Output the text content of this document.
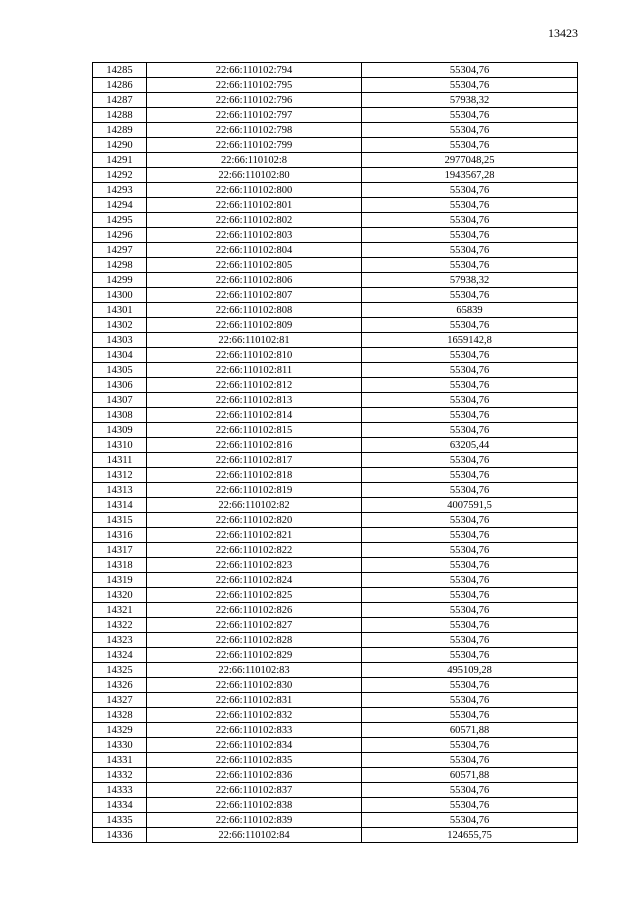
13423
14285	22:66:110102:794	55304,76
14286	22:66:110102:795	55304,76
14287	22:66:110102:796	57938,32
14288	22:66:110102:797	55304,76
14289	22:66:110102:798	55304,76
14290	22:66:110102:799	55304,76
14291	22:66:110102:8	2977048,25
14292	22:66:110102:80	1943567,28
14293	22:66:110102:800	55304,76
14294	22:66:110102:801	55304,76
14295	22:66:110102:802	55304,76
14296	22:66:110102:803	55304,76
14297	22:66:110102:804	55304,76
14298	22:66:110102:805	55304,76
14299	22:66:110102:806	57938,32
14300	22:66:110102:807	55304,76
14301	22:66:110102:808	65839
14302	22:66:110102:809	55304,76
14303	22:66:110102:81	1659142,8
14304	22:66:110102:810	55304,76
14305	22:66:110102:811	55304,76
14306	22:66:110102:812	55304,76
14307	22:66:110102:813	55304,76
14308	22:66:110102:814	55304,76
14309	22:66:110102:815	55304,76
14310	22:66:110102:816	63205,44
14311	22:66:110102:817	55304,76
14312	22:66:110102:818	55304,76
14313	22:66:110102:819	55304,76
14314	22:66:110102:82	4007591,5
14315	22:66:110102:820	55304,76
14316	22:66:110102:821	55304,76
14317	22:66:110102:822	55304,76
14318	22:66:110102:823	55304,76
14319	22:66:110102:824	55304,76
14320	22:66:110102:825	55304,76
14321	22:66:110102:826	55304,76
14322	22:66:110102:827	55304,76
14323	22:66:110102:828	55304,76
14324	22:66:110102:829	55304,76
14325	22:66:110102:83	495109,28
14326	22:66:110102:830	55304,76
14327	22:66:110102:831	55304,76
14328	22:66:110102:832	55304,76
14329	22:66:110102:833	60571,88
14330	22:66:110102:834	55304,76
14331	22:66:110102:835	55304,76
14332	22:66:110102:836	60571,88
14333	22:66:110102:837	55304,76
14334	22:66:110102:838	55304,76
14335	22:66:110102:839	55304,76
14336	22:66:110102:84	124655,75
